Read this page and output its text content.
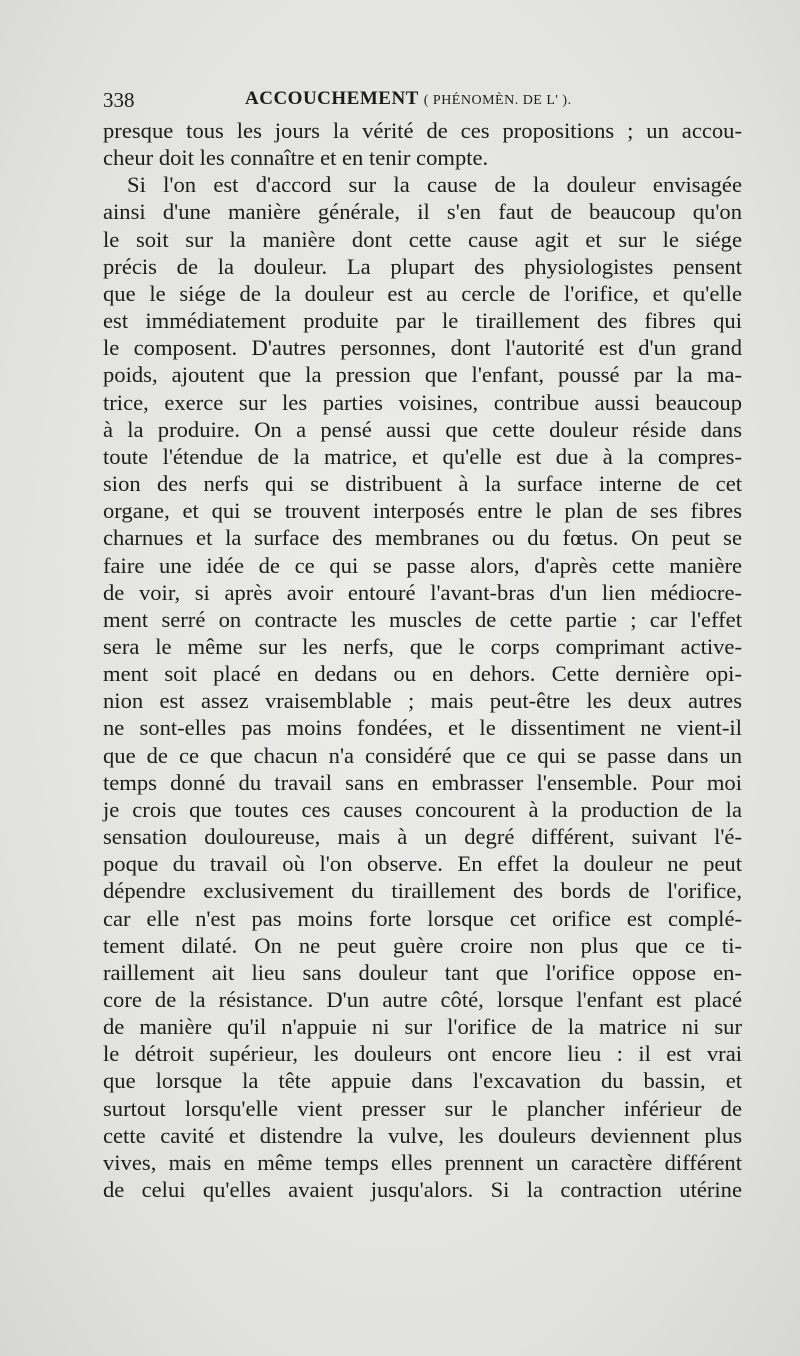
338	ACCOUCHEMENT ( PHÉNOMÈN. DE L' ).
presque tous les jours la vérité de ces propositions ; un accou-
cheur doit les connaître et en tenir compte.
Si l'on est d'accord sur la cause de la douleur envisagée
ainsi d'une manière générale, il s'en faut de beaucoup qu'on
le soit sur la manière dont cette cause agit et sur le siége
précis de la douleur. La plupart des physiologistes pensent
que le siége de la douleur est au cercle de l'orifice, et qu'elle
est immédiatement produite par le tiraillement des fibres qui
le composent. D'autres personnes, dont l'autorité est d'un grand
poids, ajoutent que la pression que l'enfant, poussé par la ma-
trice, exerce sur les parties voisines, contribue aussi beaucoup
à la produire. On a pensé aussi que cette douleur réside dans
toute l'étendue de la matrice, et qu'elle est due à la compres-
sion des nerfs qui se distribuent à la surface interne de cet
organe, et qui se trouvent interposés entre le plan de ses fibres
charnues et la surface des membranes ou du fœtus. On peut se
faire une idée de ce qui se passe alors, d'après cette manière
de voir, si après avoir entouré l'avant-bras d'un lien médiocre-
ment serré on contracte les muscles de cette partie ; car l'effet
sera le même sur les nerfs, que le corps comprimant active-
ment soit placé en dedans ou en dehors. Cette dernière opi-
nion est assez vraisemblable ; mais peut-être les deux autres
ne sont-elles pas moins fondées, et le dissentiment ne vient-il
que de ce que chacun n'a considéré que ce qui se passe dans un
temps donné du travail sans en embrasser l'ensemble. Pour moi
je crois que toutes ces causes concourent à la production de la
sensation douloureuse, mais à un degré différent, suivant l'é-
poque du travail où l'on observe. En effet la douleur ne peut
dépendre exclusivement du tiraillement des bords de l'orifice,
car elle n'est pas moins forte lorsque cet orifice est complé-
tement dilaté. On ne peut guère croire non plus que ce ti-
raillement ait lieu sans douleur tant que l'orifice oppose en-
core de la résistance. D'un autre côté, lorsque l'enfant est placé
de manière qu'il n'appuie ni sur l'orifice de la matrice ni sur
le détroit supérieur, les douleurs ont encore lieu : il est vrai
que lorsque la tête appuie dans l'excavation du bassin, et
surtout lorsqu'elle vient presser sur le plancher inférieur de
cette cavité et distendre la vulve, les douleurs deviennent plus
vives, mais en même temps elles prennent un caractère différent
de celui qu'elles avaient jusqu'alors. Si la contraction utérine
